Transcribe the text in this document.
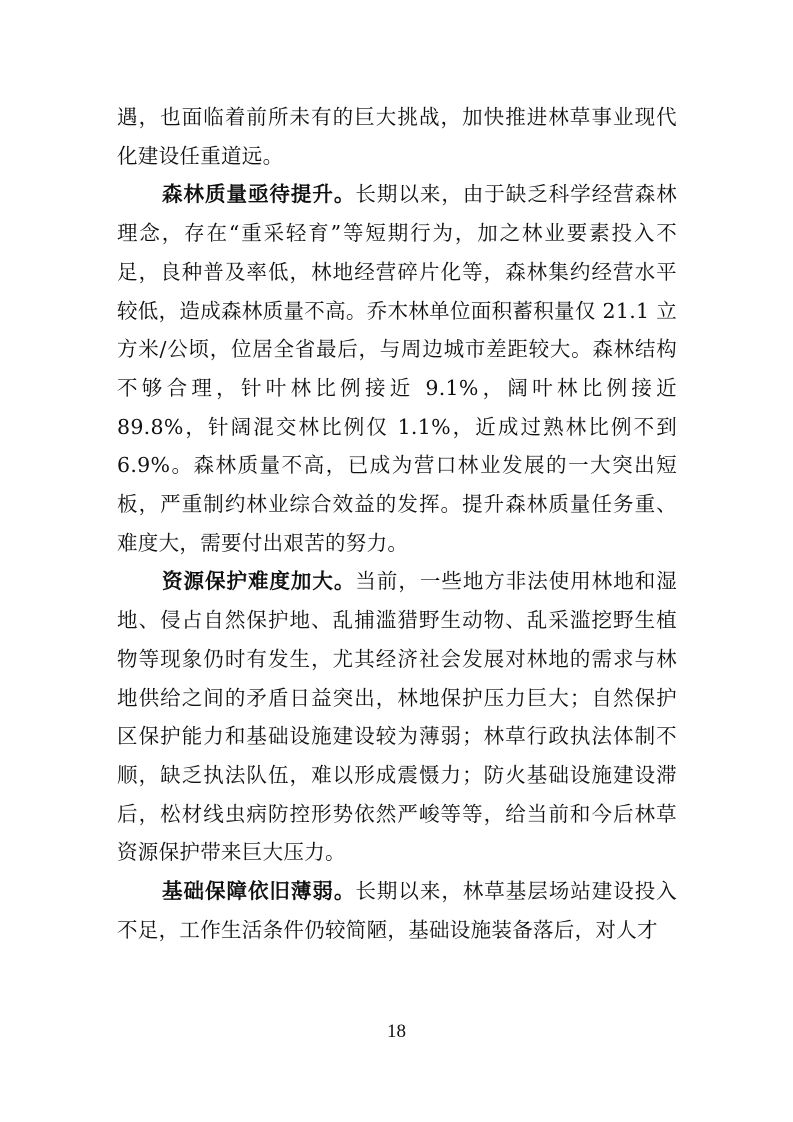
遇，也面临着前所未有的巨大挑战，加快推进林草事业现代化建设任重道远。

森林质量亟待提升。长期以来，由于缺乏科学经营森林理念，存在“重采轻育”等短期行为，加之林业要素投入不足，良种普及率低，林地经营碎片化等，森林集约经营水平较低，造成森林质量不高。乔木林单位面积蓄积量仅 21.1 立方米/公顷，位居全省最后，与周边城市差距较大。森林结构不够合理，针叶林比例接近 9.1%，阔叶林比例接近 89.8%，针阔混交林比例仅 1.1%，近成过熟林比例不到 6.9%。森林质量不高，已成为营口林业发展的一大突出短板，严重制约林业综合效益的发挥。提升森林质量任务重、难度大，需要付出艰苦的努力。

资源保护难度加大。当前，一些地方非法使用林地和湿地、侵占自然保护地、乱捕滥猎野生动物、乱采滥挖野生植物等现象仍时有发生，尤其经济社会发展对林地的需求与林地供给之间的矛盾日益突出，林地保护压力巨大；自然保护区保护能力和基础设施建设较为薄弱；林草行政执法体制不顺，缺乏执法队伍，难以形成震慑力；防火基础设施建设滞后，松材线虫病防控形势依然严峻等等，给当前和今后林草资源保护带来巨大压力。

基础保障依旧薄弱。长期以来，林草基层场站建设投入不足，工作生活条件仍较简陋，基础设施装备落后，对人才

18
